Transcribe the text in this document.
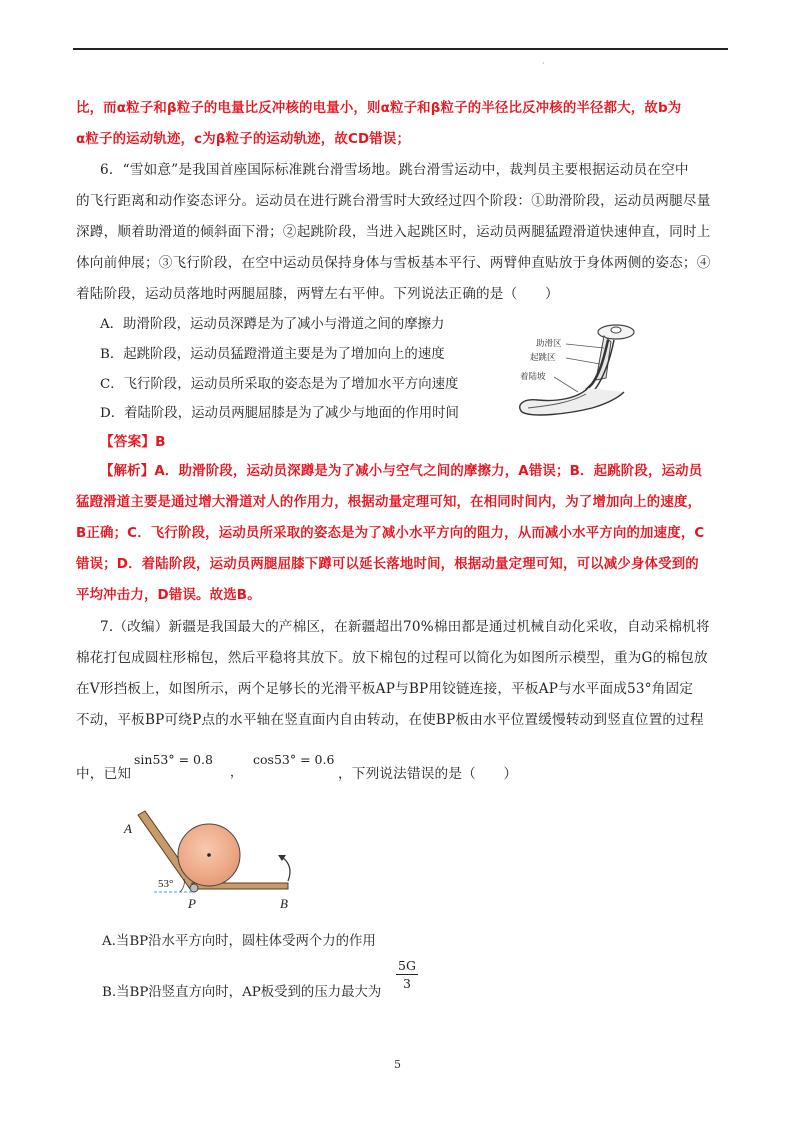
·
比，而α粒子和β粒子的电量比反冲核的电量小，则α粒子和β粒子的半径比反冲核的半径都大，故b为
α粒子的运动轨迹，c为β粒子的运动轨迹，故CD错误；
6．“雪如意”是我国首座国际标准跳台滑雪场地。跳台滑雪运动中，裁判员主要根据运动员在空中
的飞行距离和动作姿态评分。运动员在进行跳台滑雪时大致经过四个阶段：①助滑阶段，运动员两腿尽量
深蹲，顺着助滑道的倾斜面下滑；②起跳阶段，当进入起跳区时，运动员两腿猛蹬滑道快速伸直，同时上
体向前伸展；③飞行阶段，在空中运动员保持身体与雪板基本平行、两臂伸直贴放于身体两侧的姿态；④
着陆阶段，运动员落地时两腿屈膝，两臂左右平伸。下列说法正确的是（　　）
A．助滑阶段，运动员深蹲是为了减小与滑道之间的摩擦力
B．起跳阶段，运动员猛蹬滑道主要是为了增加向上的速度
C．飞行阶段，运动员所采取的姿态是为了增加水平方向速度
D．着陆阶段，运动员两腿屈膝是为了减少与地面的作用时间
助滑区
起跳区
着陆坡
【答案】B
【解析】A．助滑阶段，运动员深蹲是为了减小与空气之间的摩擦力，A错误；B．起跳阶段，运动员
猛蹬滑道主要是通过增大滑道对人的作用力，根据动量定理可知，在相同时间内，为了增加向上的速度，
B正确；C．飞行阶段，运动员所采取的姿态是为了减小水平方向的阻力，从而减小水平方向的加速度，C
错误；D．着陆阶段，运动员两腿屈膝下蹲可以延长落地时间，根据动量定理可知，可以减少身体受到的
平均冲击力，D错误。故选B。
7.（改编）新疆是我国最大的产棉区，在新疆超出70%棉田都是通过机械自动化采收，自动采棉机将
棉花打包成圆柱形棉包，然后平稳将其放下。放下棉包的过程可以简化为如图所示模型，重为G的棉包放
在V形挡板上，如图所示，两个足够长的光滑平板AP与BP用铰链连接，平板AP与水平面成53°角固定
不动，平板BP可绕P点的水平轴在竖直面内自由转动，在使BP板由水平位置缓慢转动到竖直位置的过程
中，已知
sin53° = 0.8
，
cos53° = 0.6
，下列说法错误的是（　　）
A
53°
P	B
A.当BP沿水平方向时，圆柱体受两个力的作用
B.当BP沿竖直方向时，AP板受到的压力最大为
5G
3
5
